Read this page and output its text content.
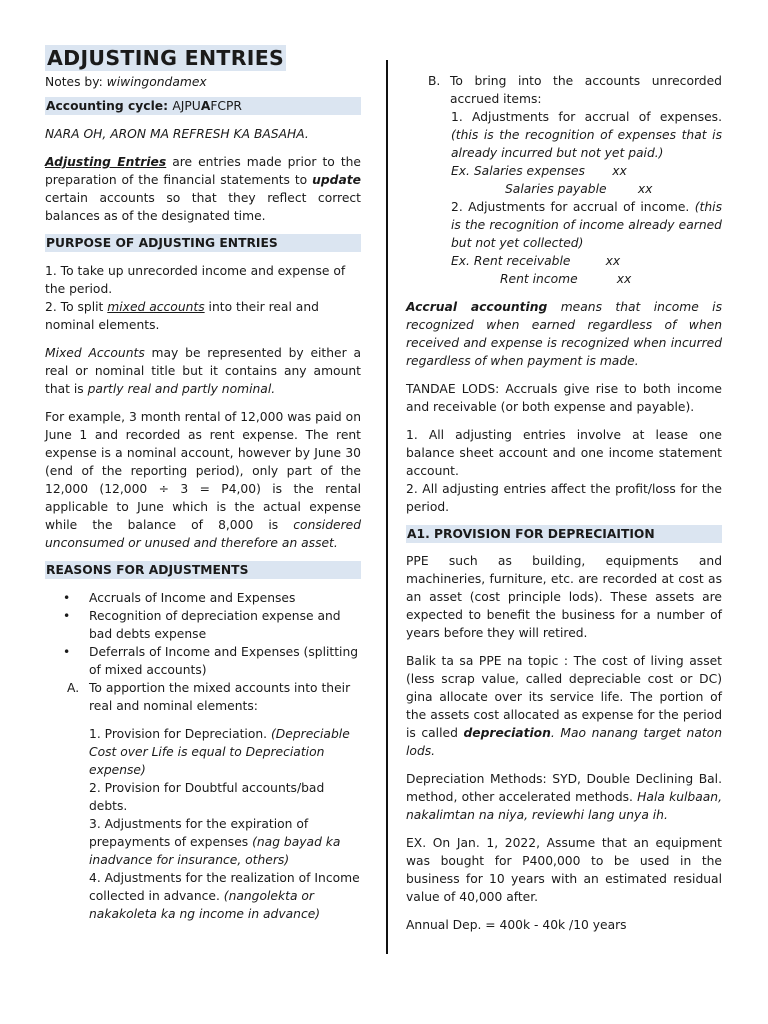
ADJUSTING ENTRIES

Notes by: wiwingondamex

Accounting cycle: AJPUAFCPR

NARA OH, ARON MA REFRESH KA BASAHA.

Adjusting Entries are entries made prior to the preparation of the financial statements to update certain accounts so that they reflect correct balances as of the designated time.

PURPOSE OF ADJUSTING ENTRIES

1. To take up unrecorded income and expense of the period.

2. To split mixed accounts into their real and nominal elements.

Mixed Accounts may be represented by either a real or nominal title but it contains any amount that is partly real and partly nominal.

For example, 3 month rental of 12,000 was paid on June 1 and recorded as rent expense. The rent expense is a nominal account, however by June 30 (end of the reporting period), only part of the 12,000 (12,000 ÷ 3 = P4,00) is the rental applicable to June which is the actual expense while the balance of 8,000 is considered unconsumed or unused and therefore an asset.

REASONS FOR ADJUSTMENTS
• Accruals of Income and Expenses
• Recognition of depreciation expense and bad debts expense
• Deferrals of Income and Expenses (splitting of mixed accounts)
A. To apportion the mixed accounts into their real and nominal elements:

1. Provision for Depreciation. (Depreciable Cost over Life is equal to Depreciation expense)

2. Provision for Doubtful accounts/bad debts.

3. Adjustments for the expiration of prepayments of expenses (nag bayad ka inadvance for insurance, others)

4. Adjustments for the realization of Income collected in advance. (nangolekta or nakakoleta ka ng income in advance)

B. To bring into the accounts unrecorded accrued items:

1. Adjustments for accrual of expenses. (this is the recognition of expenses that is already incurred but not yet paid.)

Ex. Salaries expenses       xx

Salaries payable        xx

2. Adjustments for accrual of income. (this is the recognition of income already earned but not yet collected)

Ex. Rent receivable         xx

Rent income          xx

Accrual accounting means that income is recognized when earned regardless of when received and expense is recognized when incurred regardless of when payment is made.

TANDAE LODS: Accruals give rise to both income and receivable (or both expense and payable).

1. All adjusting entries involve at lease one balance sheet account and one income statement account.

2. All adjusting entries affect the profit/loss for the period.

A1. PROVISION FOR DEPRECIAITION

PPE such as building, equipments and machineries, furniture, etc. are recorded at cost as an asset (cost principle lods). These assets are expected to benefit the business for a number of years before they will retired.

Balik ta sa PPE na topic : The cost of living asset (less scrap value, called depreciable cost or DC) gina allocate over its service life. The portion of the assets cost allocated as expense for the period is called depreciation. Mao nanang target naton lods.

Depreciation Methods: SYD, Double Declining Bal. method, other accelerated methods. Hala kulbaan, nakalimtan na niya, reviewhi lang unya ih.

EX. On Jan. 1, 2022, Assume that an equipment was bought for P400,000 to be used in the business for 10 years with an estimated residual value of 40,000 after.

Annual Dep. = 400k - 40k /10 years
